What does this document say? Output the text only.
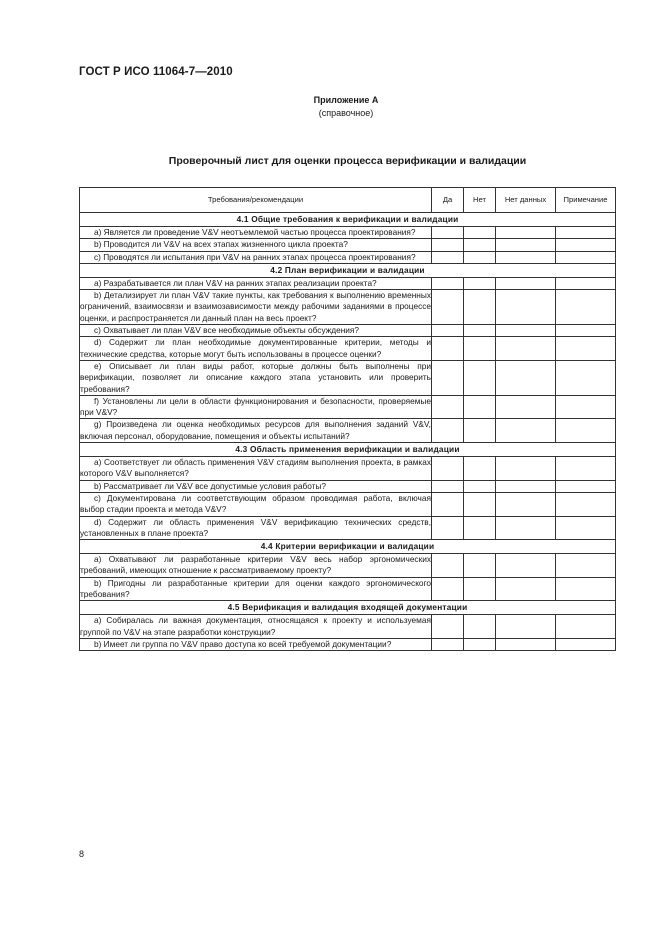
ГОСТ Р ИСО 11064-7—2010
Приложение А
(справочное)
Проверочный лист для оценки процесса верификации и валидации
Требования/рекомендации	Да	Нет	Нет данных	Примечание
4.1 Общие требования к верификации и валидации				
а) Является ли проведение V&V неотъемлемой частью процесса проектирования?				
b) Проводится ли V&V на всех этапах жизненного цикла проекта?				
c) Проводятся ли испытания при V&V на ранних этапах процесса проектирования?				
4.2 План верификации и валидации				
а) Разрабатывается ли план V&V на ранних этапах реализации проекта?				
b) Детализирует ли план V&V такие пункты, как требования к выполнению временных ограничений, взаимосвязи и взаимозависимости между рабочими заданиями в процессе оценки, и распространяется ли данный план на весь проект?				
c) Охватывает ли план V&V все необходимые объекты обсуждения?				
d) Содержит ли план необходимые документированные критерии, методы и технические средства, которые могут быть использованы в процессе оценки?				
e) Описывает ли план виды работ, которые должны быть выполнены при верификации, позволяет ли описание каждого этапа установить или проверить требования?				
f) Установлены ли цели в области функционирования и безопасности, проверяемые при V&V?				
g) Произведена ли оценка необходимых ресурсов для выполнения заданий V&V, включая персонал, оборудование, помещения и объекты испытаний?				
4.3 Область применения верификации и валидации				
а) Соответствует ли область применения V&V стадиям выполнения проекта, в рамках которого V&V выполняется?				
b) Рассматривает ли V&V все допустимые условия работы?				
c) Документирована ли соответствующим образом проводимая работа, включая выбор стадии проекта и метода V&V?				
d) Содержит ли область применения V&V верификацию технических средств, установленных в плане проекта?				
4.4 Критерии верификации и валидации				
а) Охватывают ли разработанные критерии V&V весь набор эргономических требований, имеющих отношение к рассматриваемому проекту?				
b) Пригодны ли разработанные критерии для оценки каждого эргономического требования?				
4.5 Верификация и валидация входящей документации				
а) Собиралась ли важная документация, относящаяся к проекту и используемая группой по V&V на этапе разработки конструкции?				
b) Имеет ли группа по V&V право доступа ко всей требуемой документации?				
8
